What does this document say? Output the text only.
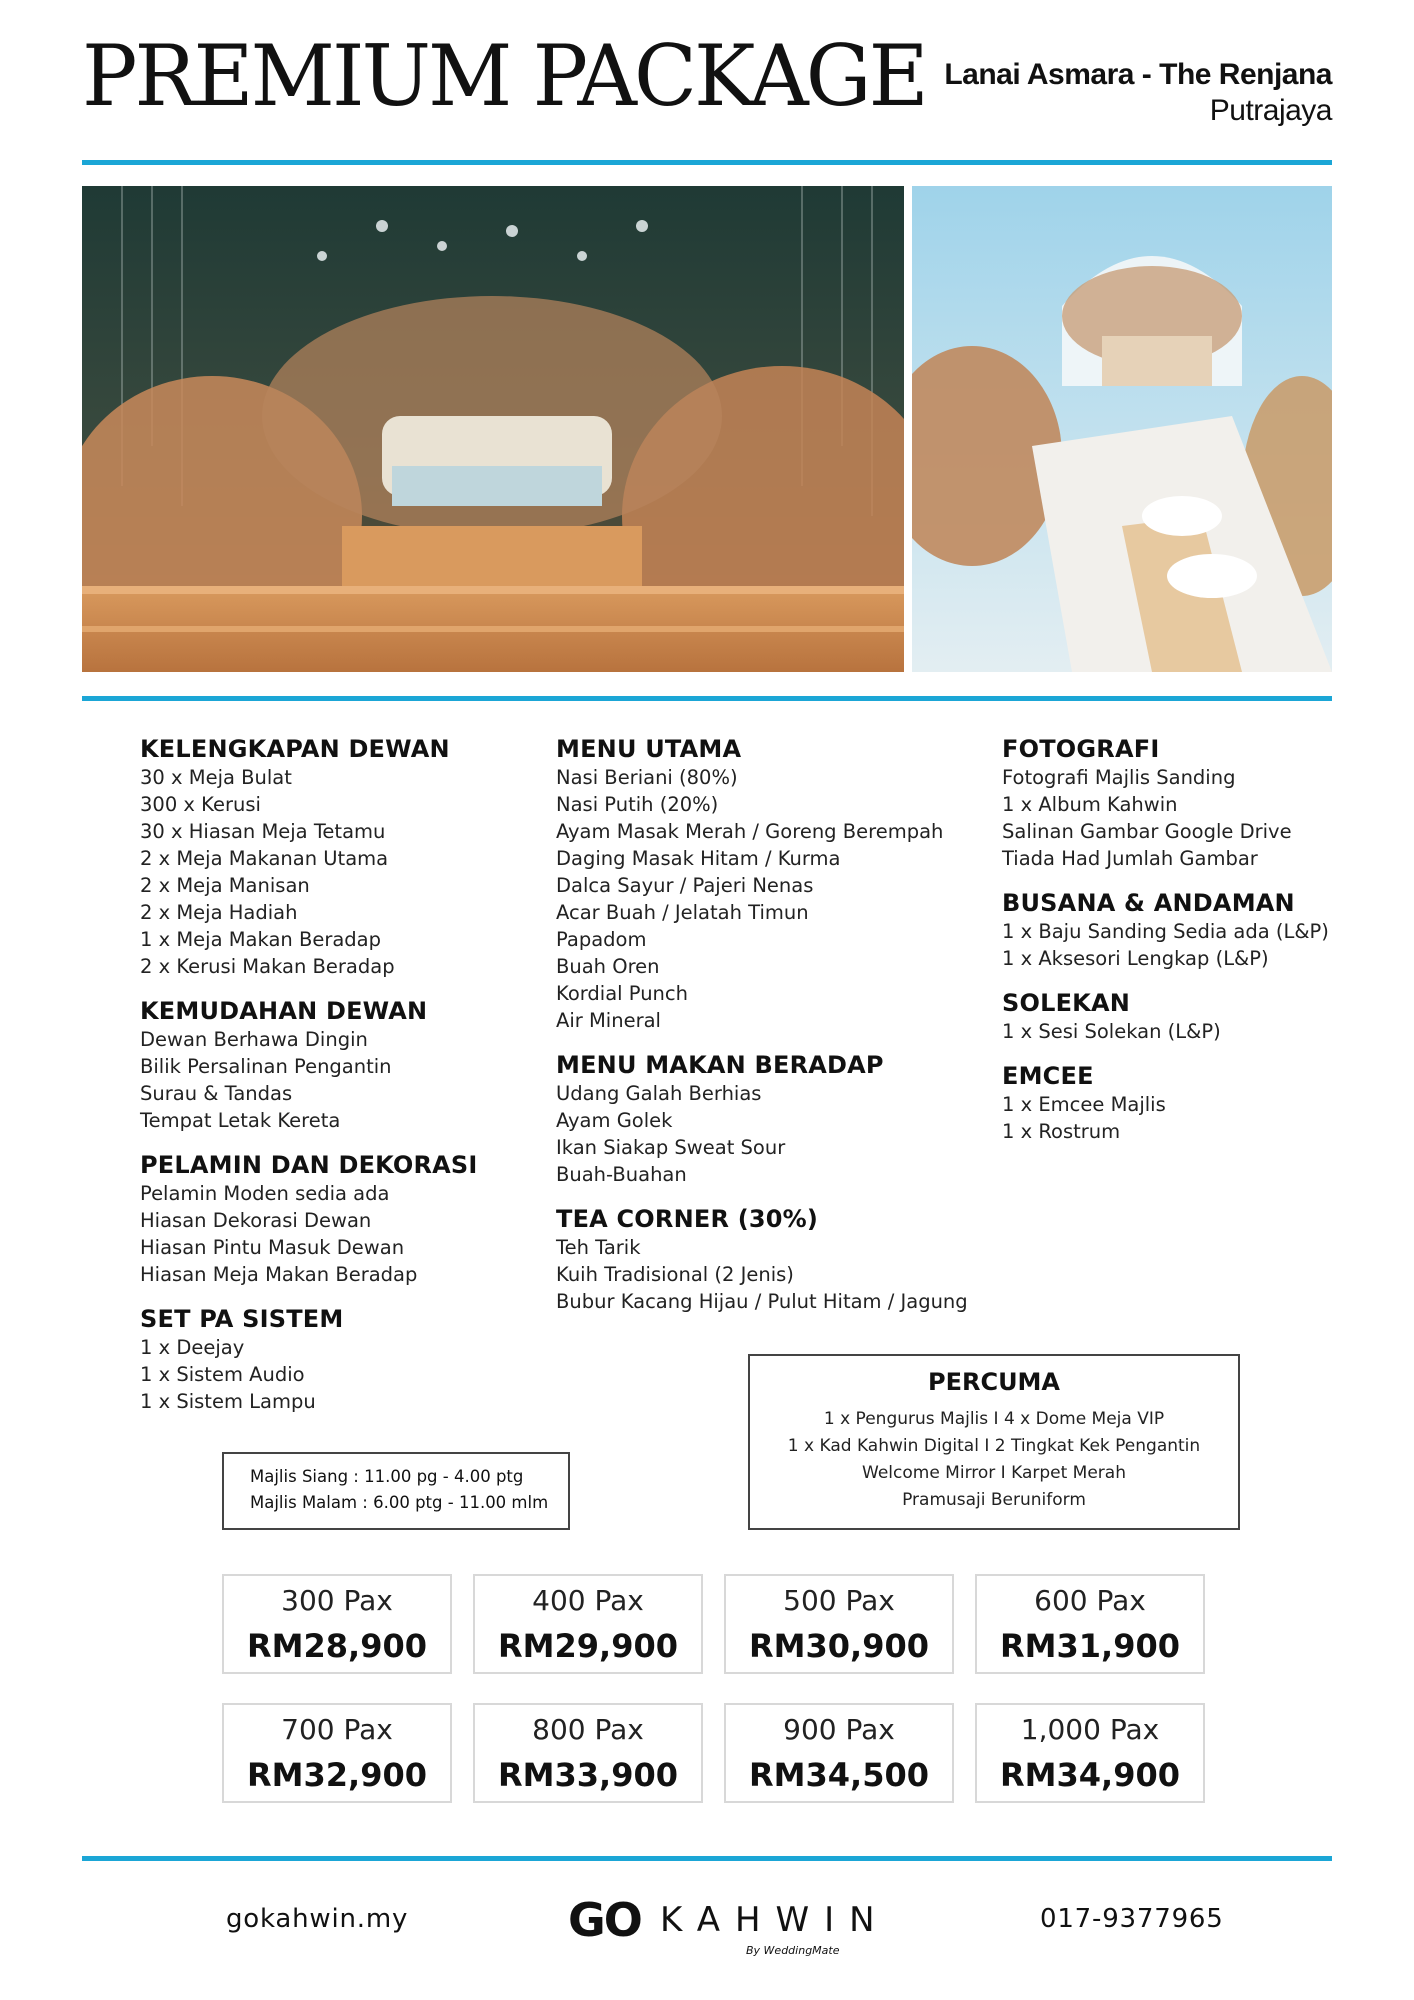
PREMIUM PACKAGE Lanai Asmara - The Renjana
Putrajaya
KELENGKAPAN DEWAN
30 x Meja Bulat
300 x Kerusi
30 x Hiasan Meja Tetamu
2 x Meja Makanan Utama
2 x Meja Manisan
2 x Meja Hadiah
1 x Meja Makan Beradap
2 x Kerusi Makan Beradap
KEMUDAHAN DEWAN
Dewan Berhawa Dingin
Bilik Persalinan Pengantin
Surau & Tandas
Tempat Letak Kereta
PELAMIN DAN DEKORASI
Pelamin Moden sedia ada
Hiasan Dekorasi Dewan
Hiasan Pintu Masuk Dewan
Hiasan Meja Makan Beradap
SET PA SISTEM
1 x Deejay
1 x Sistem Audio
1 x Sistem Lampu
MENU UTAMA
Nasi Beriani (80%)
Nasi Putih (20%)
Ayam Masak Merah / Goreng Berempah
Daging Masak Hitam / Kurma
Dalca Sayur / Pajeri Nenas
Acar Buah / Jelatah Timun
Papadom
Buah Oren
Kordial Punch
Air Mineral
MENU MAKAN BERADAP
Udang Galah Berhias
Ayam Golek
Ikan Siakap Sweat Sour
Buah-Buahan
TEA CORNER (30%)
Teh Tarik
Kuih Tradisional (2 Jenis)
Bubur Kacang Hijau / Pulut Hitam / Jagung
FOTOGRAFI
Fotografi Majlis Sanding
1 x Album Kahwin
Salinan Gambar Google Drive
Tiada Had Jumlah Gambar
BUSANA & ANDAMAN
1 x Baju Sanding Sedia ada (L&P)
1 x Aksesori Lengkap (L&P)
SOLEKAN
1 x Sesi Solekan (L&P)
EMCEE
1 x Emcee Majlis
1 x Rostrum
Majlis Siang : 11.00 pg - 4.00 ptg
Majlis Malam : 6.00 ptg - 11.00 mlm
PERCUMA
1 x Pengurus Majlis I 4 x Dome Meja VIP
1 x Kad Kahwin Digital I 2 Tingkat Kek Pengantin
Welcome Mirror I Karpet Merah
Pramusaji Beruniform
300 Pax
RM28,900
400 Pax
RM29,900
500 Pax
RM30,900
600 Pax
RM31,900
700 Pax
RM32,900
800 Pax
RM33,900
900 Pax
RM34,500
1,000 Pax
RM34,900
gokahwin.my	GO KAHWIN
By WeddingMate
017-9377965
